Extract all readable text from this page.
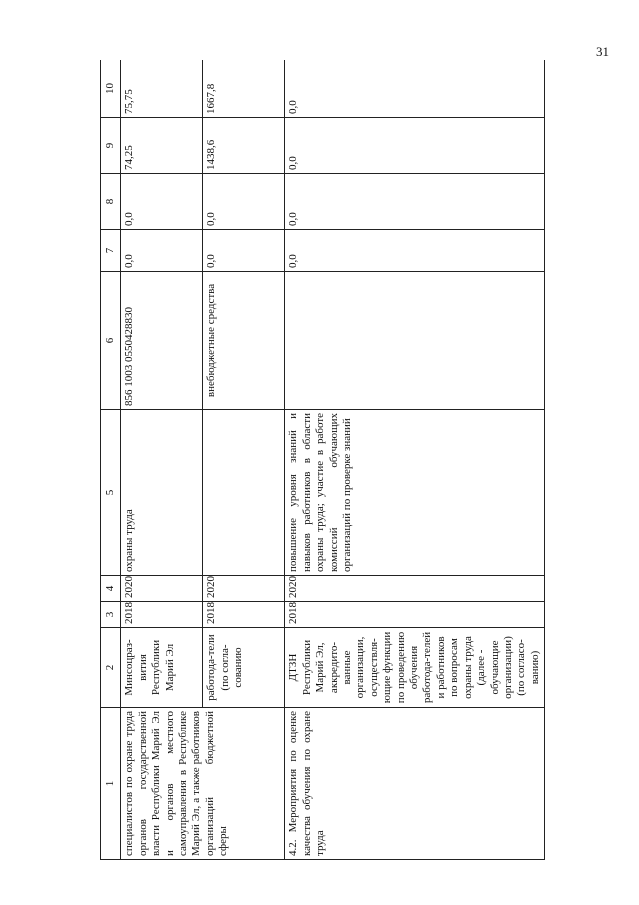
31
1	2	3	4	5	6	7	8	9	10
специалистов по охране труда органов государственной власти Республики Марий Эл и органов местного самоуправления в Республике Марий Эл, а также работников организаций бюджетной сферы	Минсоцраз-вития Республики Марий Эл	2018	2020	охраны труда	856 1003 0550428830	0,0	0,0	74,25	75,75
	работода-тели (по согла-сованию	2018	2020		внебюджетные средства	0,0	0,0	1438,6	1667,8
4.2. Мероприятия по оценке качества обучения по охране труда	ДТЗН Республики Марий Эл, аккредито-ванные организации, осуществля-ющие функции по проведению обучения работода-телей и работников по вопросам охраны труда (далее - обучающие организации) (по согласо-ванию)	2018	2020	повышение уровня знаний и навыков работников в области охраны труда; участие в работе комиссий обучающих организаций по проверке знаний		0,0	0,0	0,0	0,0
